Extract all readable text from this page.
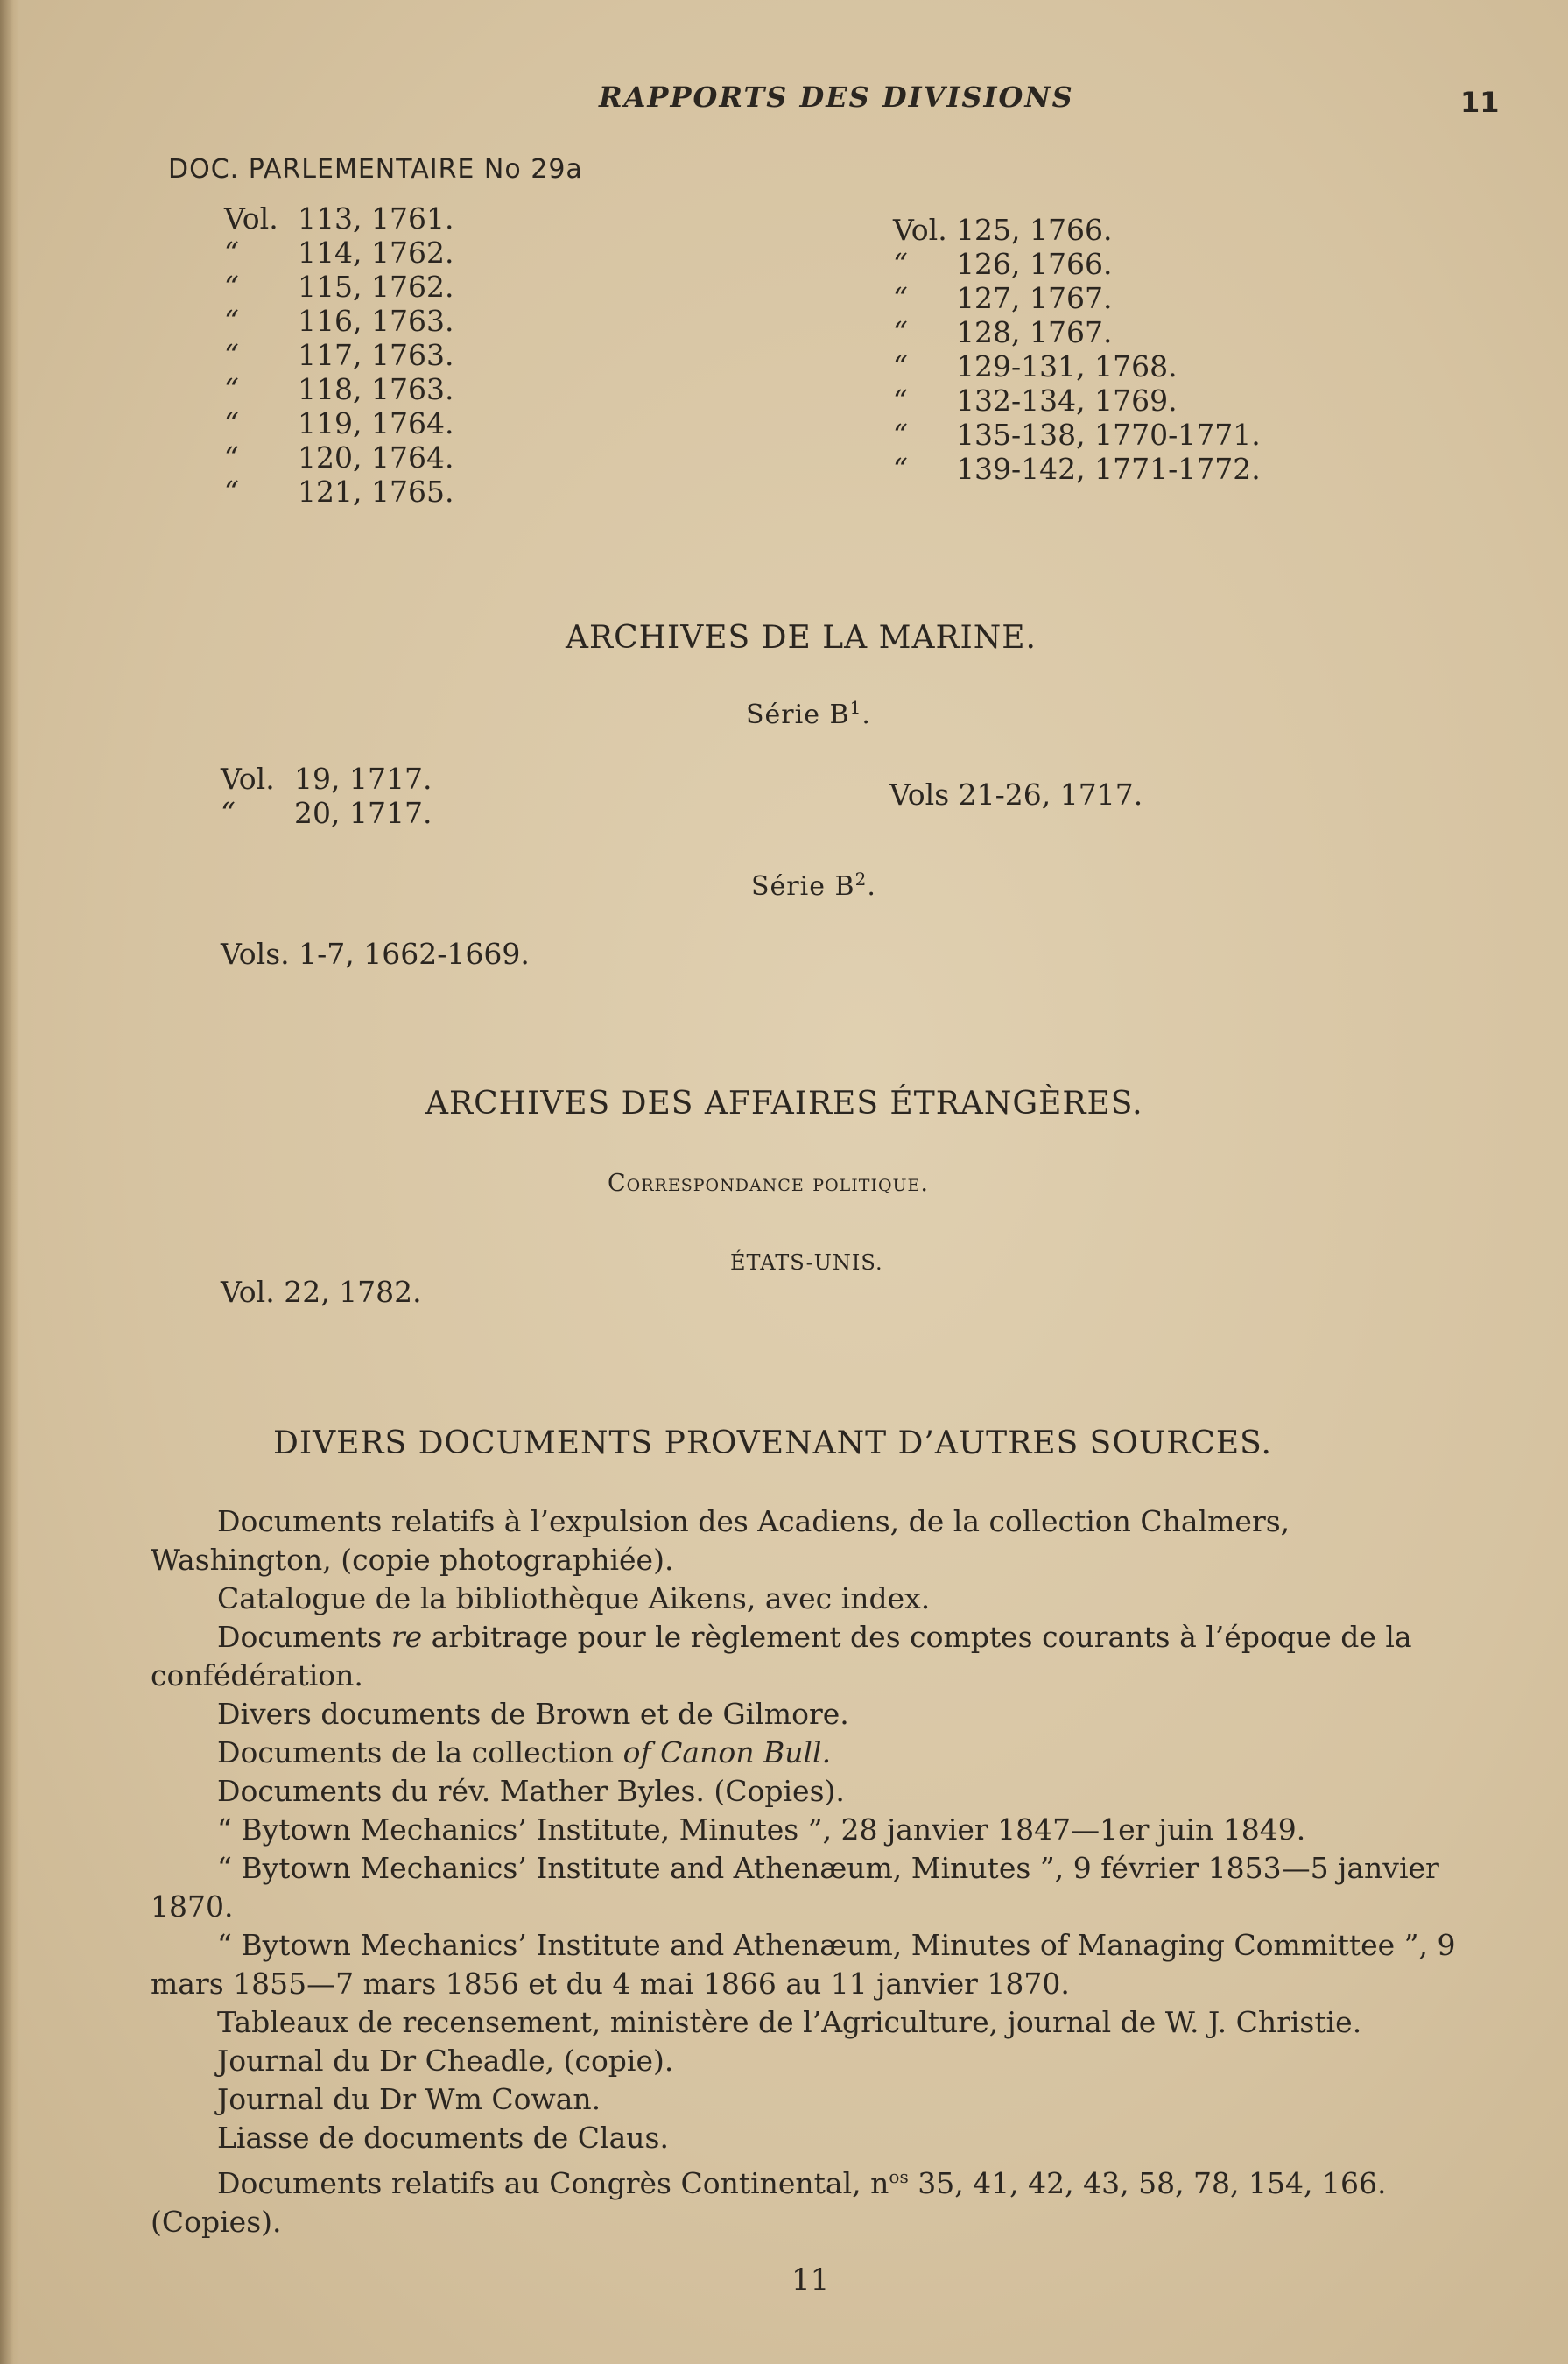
RAPPORTS DES DIVISIONS	11
DOC. PARLEMENTAIRE No 29a
Vol. 113, 1761.
“ 114, 1762.
“ 115, 1762.
“ 116, 1763.
“ 117, 1763.
“ 118, 1763.
“ 119, 1764.
“ 120, 1764.
“ 121, 1765.
Vol. 125, 1766.
“ 126, 1766.
“ 127, 1767.
“ 128, 1767.
“ 129-131, 1768.
“ 132-134, 1769.
“ 135-138, 1770-1771.
“ 139-142, 1771-1772.
ARCHIVES DE LA MARINE.
Série $B^1$.
Vol. 19, 1717.
“ 20, 1717.
Vols 21-26, 1717.
Série $B^2$.
Vols. 1-7, 1662-1669.
ARCHIVES DES AFFAIRES ÉTRANGÈRES.
Correspondance politique.
ÉTATS-UNIS.
Vol. 22, 1782.
DIVERS DOCUMENTS PROVENANT D’AUTRES SOURCES.

Documents relatifs à l’expulsion des Acadiens, de la collection Chalmers, Washington, (copie photographiée).

Catalogue de la bibliothèque Aikens, avec index.

Documents re arbitrage pour le règlement des comptes courants à l’époque de la confédération.

Divers documents de Brown et de Gilmore.

Documents de la collection of Canon Bull.

Documents du rév. Mather Byles. (Copies).

“ Bytown Mechanics’ Institute, Minutes ”, 28 janvier 1847—1er juin 1849.

“ Bytown Mechanics’ Institute and Athenæum, Minutes ”, 9 février 1853—5 janvier 1870.

“ Bytown Mechanics’ Institute and Athenæum, Minutes of Managing Committee ”, 9 mars 1855—7 mars 1856 et du 4 mai 1866 au 11 janvier 1870.

Tableaux de recensement, ministère de l’Agriculture, journal de W. J. Christie.

Journal du Dr Cheadle, (copie).

Journal du Dr Wm Cowan.

Liasse de documents de Claus.

Documents relatifs au Congrès Continental, $n^{os}$ 35, 41, 42, 43, 58, 78, 154, 166. (Copies).

11
